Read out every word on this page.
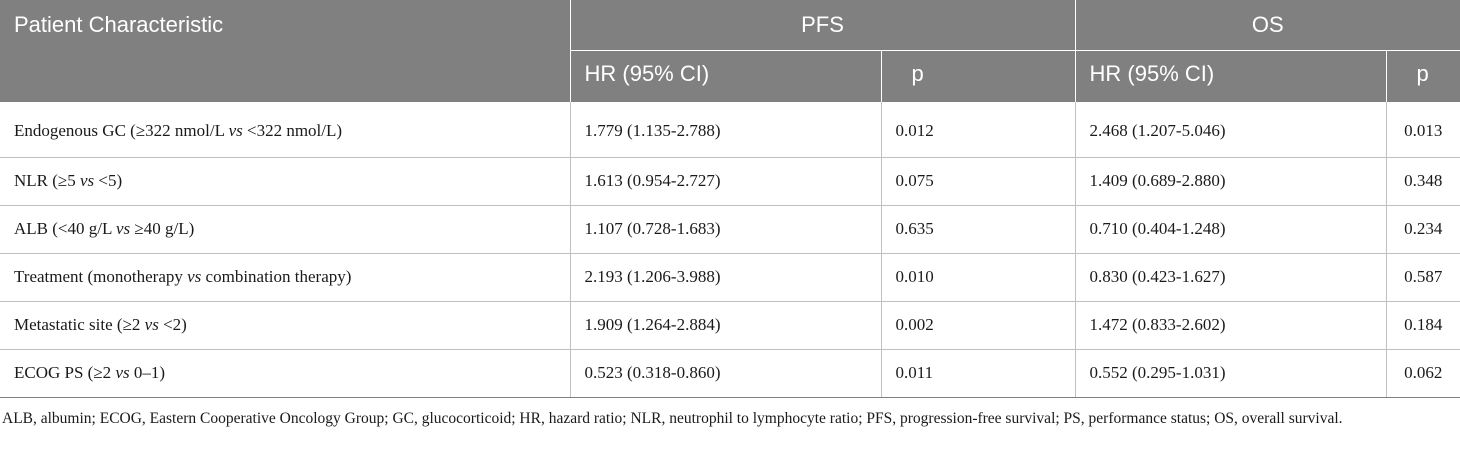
Patient Characteristic	PFS		OS	
	HR (95% CI)	p	HR (95% CI)	p
Endogenous GC (≥322 nmol/L vs <322 nmol/L)	1.779 (1.135-2.788)	0.012	2.468 (1.207-5.046)	0.013
NLR (≥5 vs <5)	1.613 (0.954-2.727)	0.075	1.409 (0.689-2.880)	0.348
ALB (<40 g/L vs ≥40 g/L)	1.107 (0.728-1.683)	0.635	0.710 (0.404-1.248)	0.234
Treatment (monotherapy vs combination therapy)	2.193 (1.206-3.988)	0.010	0.830 (0.423-1.627)	0.587
Metastatic site (≥2 vs <2)	1.909 (1.264-2.884)	0.002	1.472 (0.833-2.602)	0.184
ECOG PS (≥2 vs 0–1)	0.523 (0.318-0.860)	0.011	0.552 (0.295-1.031)	0.062
ALB, albumin; ECOG, Eastern Cooperative Oncology Group; GC, glucocorticoid; HR, hazard ratio; NLR, neutrophil to lymphocyte ratio; PFS, progression-free survival; PS, performance status; OS, overall survival.
